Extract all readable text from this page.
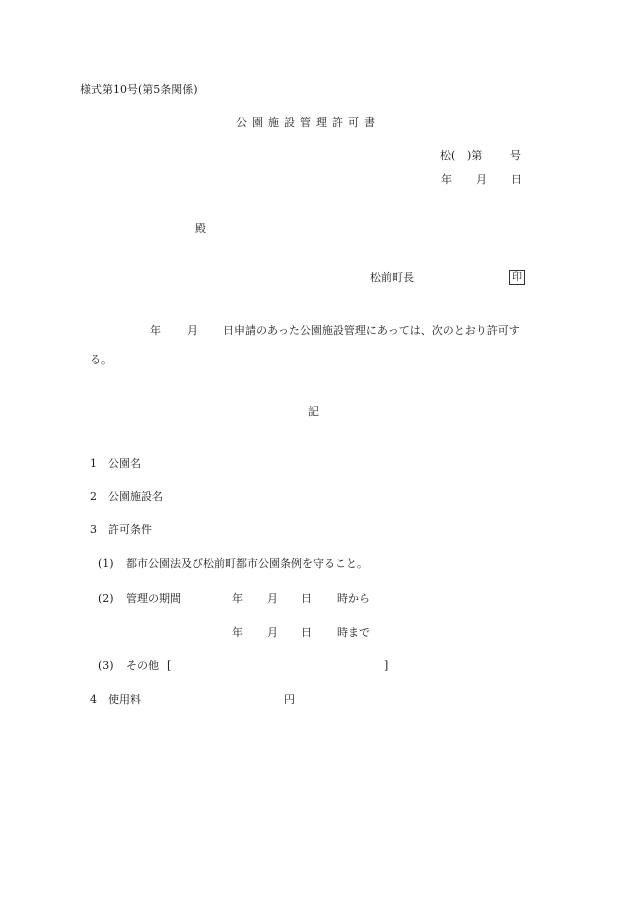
様式第10号(第5条関係)
公園施設管理許可書
松( )第	号
年 月 日
殿
松前町長	印
年 月 日申請のあった公園施設管理にあっては、次のとおり許可す
る。
記
1 公園名
2 公園施設名
3 許可条件
(1) 都市公園法及び松前町都市公園条例を守ること。
(2) 管理の期間	年 月 日 時から
年 月 日 時まで
(3) その他 [	]
4 使用料	円
